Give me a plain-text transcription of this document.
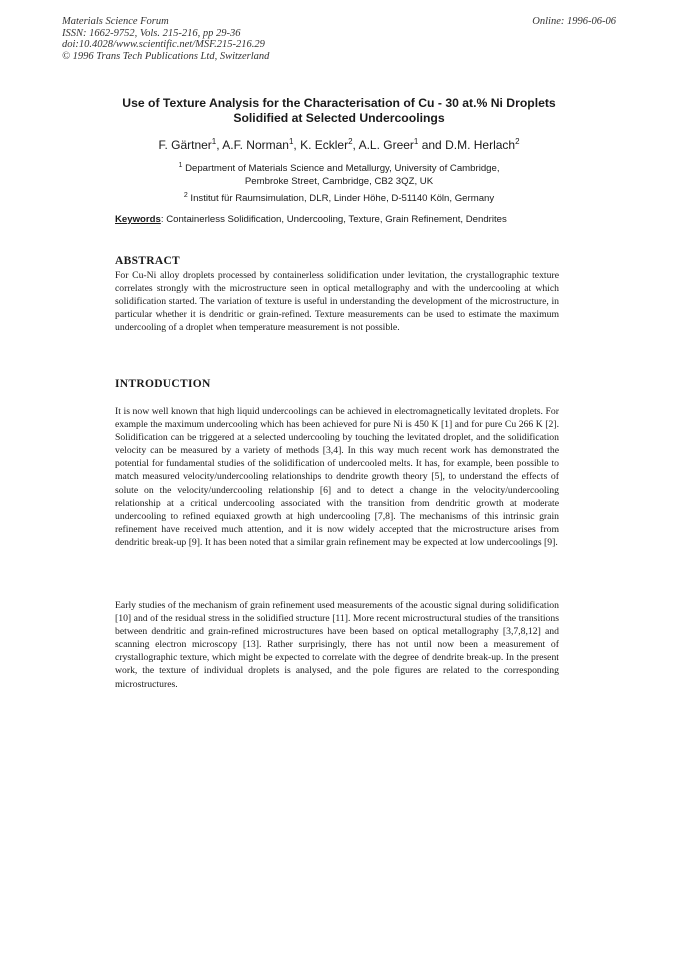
Materials Science Forum
ISSN: 1662-9752, Vols. 215-216, pp 29-36
doi:10.4028/www.scientific.net/MSF.215-216.29
© 1996 Trans Tech Publications Ltd, Switzerland
Online: 1996-06-06
Use of Texture Analysis for the Characterisation of Cu - 30 at.% Ni Droplets Solidified at Selected Undercoolings
F. Gärtner$^1$, A.F. Norman$^1$, K. Eckler$^2$, A.L. Greer$^1$ and D.M. Herlach$^2$
$^1$ Department of Materials Science and Metallurgy, University of Cambridge,
Pembroke Street, Cambridge, CB2 3QZ, UK
$^2$ Institut für Raumsimulation, DLR, Linder Höhe, D-51140 Köln, Germany
Keywords: Containerless Solidification, Undercooling, Texture, Grain Refinement, Dendrites
ABSTRACT

For Cu-Ni alloy droplets processed by containerless solidification under levitation, the crystallographic texture correlates strongly with the microstructure seen in optical metallography and with the undercooling at which solidification started. The variation of texture is useful in understanding the development of the microstructure, in particular whether it is dendritic or grain-refined. Texture measurements can be used to estimate the maximum undercooling of a droplet when temperature measurement is not possible.

INTRODUCTION

It is now well known that high liquid undercoolings can be achieved in electromagnetically levitated droplets. For example the maximum undercooling which has been achieved for pure Ni is 450 K [1] and for pure Cu 266 K [2]. Solidification can be triggered at a selected undercooling by touching the levitated droplet, and the solidification velocity can be measured by a variety of methods [3,4]. In this way much recent work has demonstrated the potential for fundamental studies of the solidification of undercooled melts. It has, for example, been possible to match measured velocity/undercooling relationships to dendrite growth theory [5], to understand the effects of solute on the velocity/undercooling relationship [6] and to detect a change in the velocity/undercooling relationship at a critical undercooling associated with the transition from dendritic growth at moderate undercooling to refined equiaxed growth at high undercooling [7,8]. The mechanisms of this intrinsic grain refinement have received much attention, and it is now widely accepted that the microstructure arises from dendritic break-up [9]. It has been noted that a similar grain refinement may be expected at low undercoolings [9].

Early studies of the mechanism of grain refinement used measurements of the acoustic signal during solidification [10] and of the residual stress in the solidified structure [11]. More recent microstructural studies of the transitions between dendritic and grain-refined microstructures have been based on optical metallography [3,7,8,12] and scanning electron microscopy [13]. Rather surprisingly, there has not until now been a measurement of crystallographic texture, which might be expected to correlate with the degree of dendrite break-up. In the present work, the texture of individual droplets is analysed, and the pole figures are related to the corresponding microstructures.
